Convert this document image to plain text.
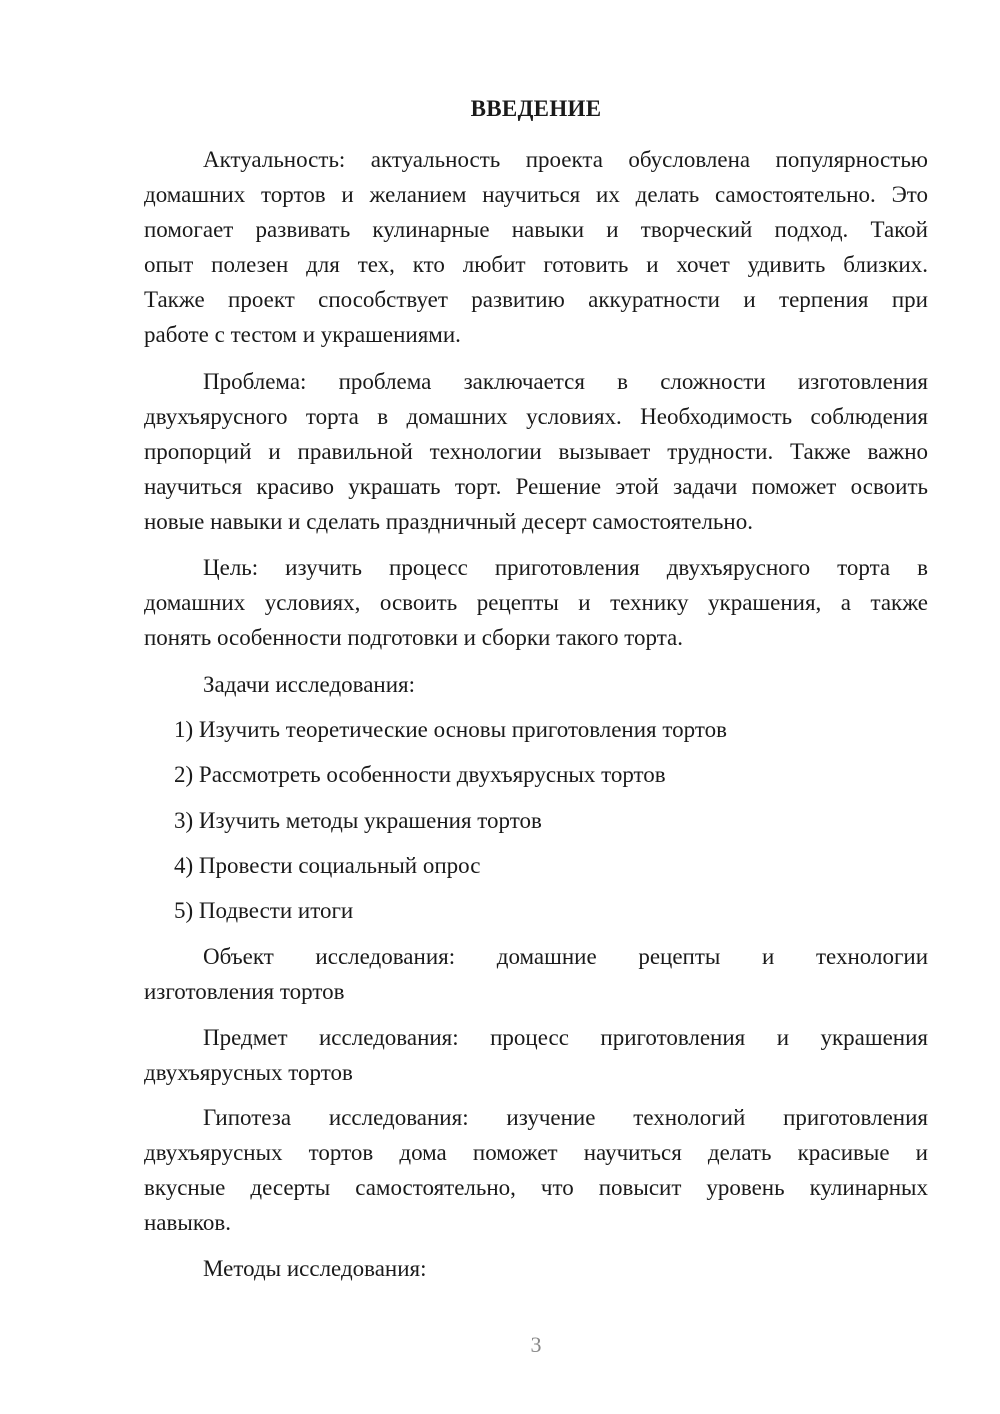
ВВЕДЕНИЕ
Актуальность: актуальность проекта обусловлена популярностью
домашних тортов и желанием научиться их делать самостоятельно. Это
помогает развивать кулинарные навыки и творческий подход. Такой
опыт полезен для тех, кто любит готовить и хочет удивить близких.
Также проект способствует развитию аккуратности и терпения при
работе с тестом и украшениями.
Проблема: проблема заключается в сложности изготовления
двухъярусного торта в домашних условиях. Необходимость соблюдения
пропорций и правильной технологии вызывает трудности. Также важно
научиться красиво украшать торт. Решение этой задачи поможет освоить
новые навыки и сделать праздничный десерт самостоятельно.
Цель: изучить процесс приготовления двухъярусного торта в
домашних условиях, освоить рецепты и технику украшения, а также
понять особенности подготовки и сборки такого торта.
Задачи исследования:
1) Изучить теоретические основы приготовления тортов
2) Рассмотреть особенности двухъярусных тортов
3) Изучить методы украшения тортов
4) Провести социальный опрос
5) Подвести итоги
Объект исследования: домашние рецепты и технологии
изготовления тортов
Предмет исследования: процесс приготовления и украшения
двухъярусных тортов
Гипотеза исследования: изучение технологий приготовления
двухъярусных тортов дома поможет научиться делать красивые и
вкусные десерты самостоятельно, что повысит уровень кулинарных
навыков.
Методы исследования:
3
